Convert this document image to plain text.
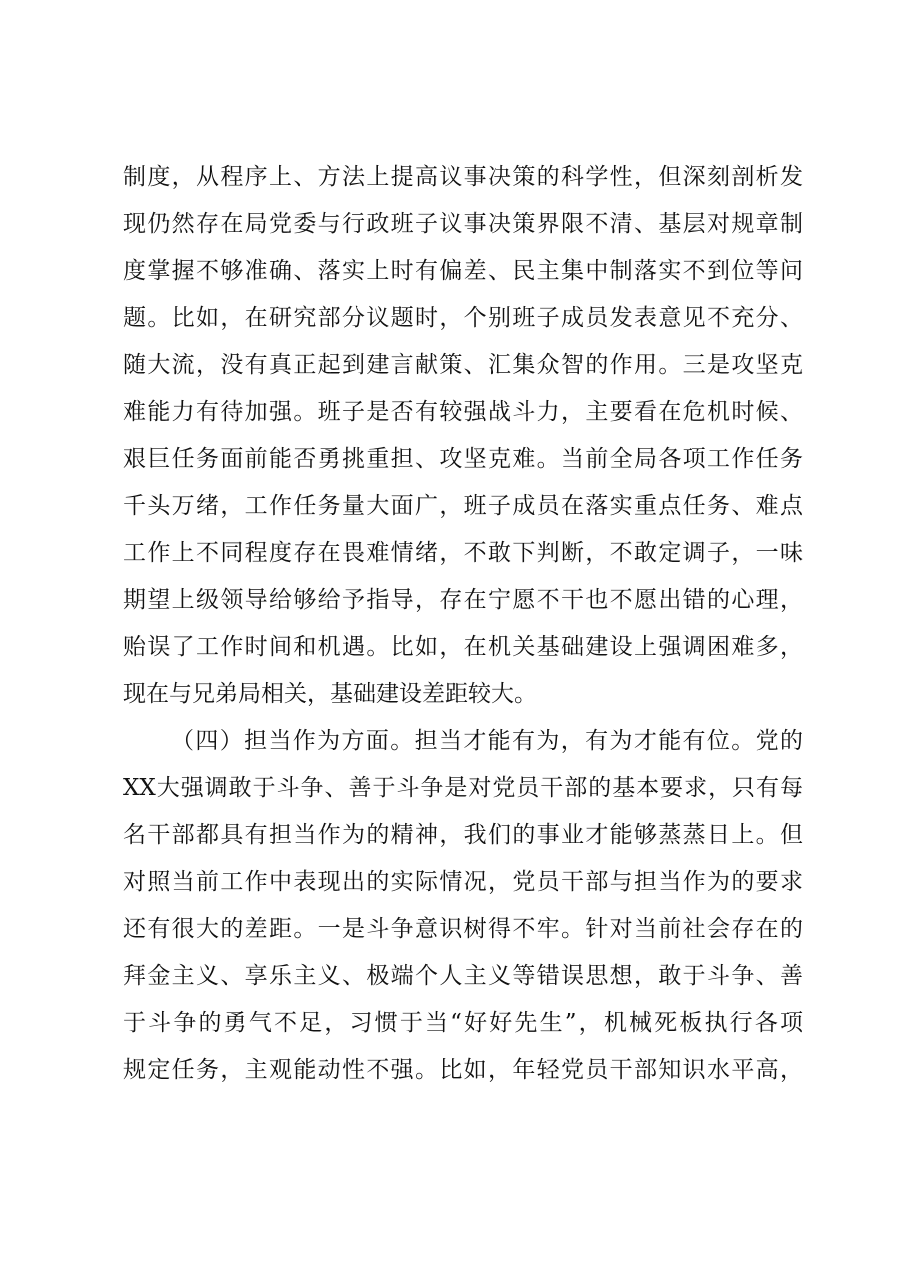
制度，从程序上、方法上提高议事决策的科学性，但深刻剖析发
现仍然存在局党委与行政班子议事决策界限不清、基层对规章制
度掌握不够准确、落实上时有偏差、民主集中制落实不到位等问
题。比如，在研究部分议题时，个别班子成员发表意见不充分、
随大流，没有真正起到建言献策、汇集众智的作用。三是攻坚克
难能力有待加强。班子是否有较强战斗力，主要看在危机时候、
艰巨任务面前能否勇挑重担、攻坚克难。当前全局各项工作任务
千头万绪，工作任务量大面广，班子成员在落实重点任务、难点
工作上不同程度存在畏难情绪，不敢下判断，不敢定调子，一味
期望上级领导给够给予指导，存在宁愿不干也不愿出错的心理，
贻误了工作时间和机遇。比如，在机关基础建设上强调困难多，
现在与兄弟局相关，基础建设差距较大。
（四）担当作为方面。担当才能有为，有为才能有位。党的
XX大强调敢于斗争、善于斗争是对党员干部的基本要求，只有每
名干部都具有担当作为的精神，我们的事业才能够蒸蒸日上。但
对照当前工作中表现出的实际情况，党员干部与担当作为的要求
还有很大的差距。一是斗争意识树得不牢。针对当前社会存在的
拜金主义、享乐主义、极端个人主义等错误思想，敢于斗争、善
于斗争的勇气不足，习惯于当“好好先生”，机械死板执行各项
规定任务，主观能动性不强。比如，年轻党员干部知识水平高，
